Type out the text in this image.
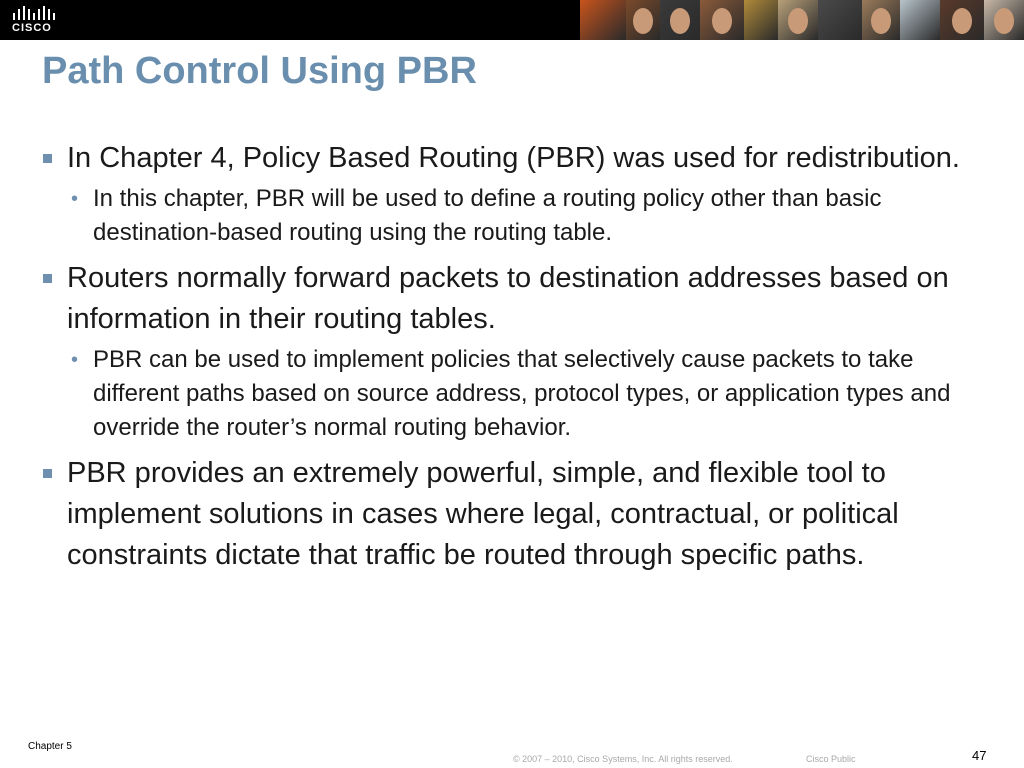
CISCO
Path Control Using PBR
In Chapter 4, Policy Based Routing (PBR) was used for redistribution.
• In this chapter, PBR will be used to define a routing policy other than basic destination-based routing using the routing table.
Routers normally forward packets to destination addresses based on information in their routing tables.
• PBR can be used to implement policies that selectively cause packets to take different paths based on source address, protocol types, or application types and override the router’s normal routing behavior.
PBR provides an extremely powerful, simple, and flexible tool to implement solutions in cases where legal, contractual, or political constraints dictate that traffic be routed through specific paths.
Chapter 5
© 2007 – 2010, Cisco Systems, Inc. All rights reserved.	Cisco Public	47
